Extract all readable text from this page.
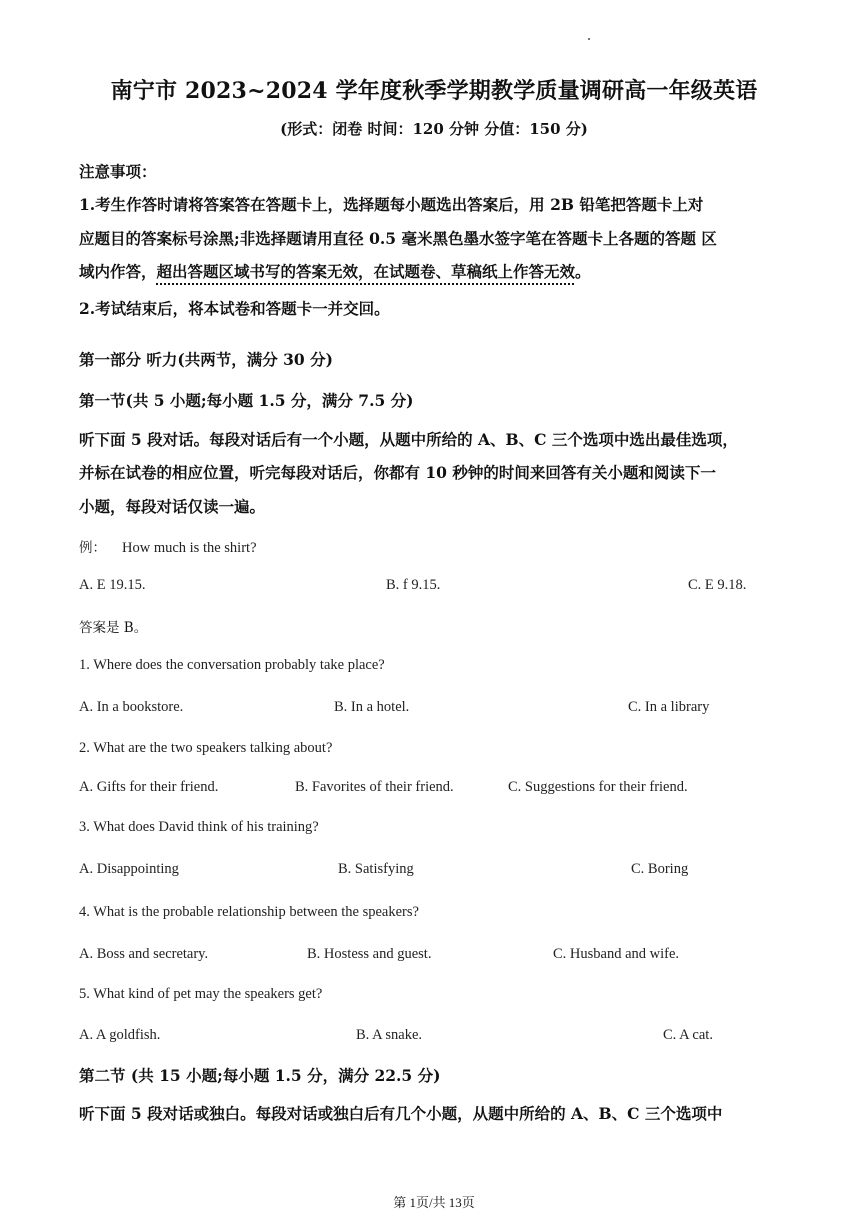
南宁市 2023~2024 学年度秋季学期教学质量调研高一年级英语
(形式：闭卷 时间：120 分钟 分值：150 分)
注意事项：
1.考生作答时请将答案答在答题卡上，选择题每小题选出答案后，用 2B 铅笔把答题卡上对
应题目的答案标号涂黑;非选择题请用直径 0.5 毫米黑色墨水签字笔在答题卡上各题的答题 区
域内作答，超出答题区域书写的答案无效，在试题卷、草稿纸上作答无效。
2.考试结束后，将本试卷和答题卡一并交回。
第一部分 听力(共两节，满分 30 分)
第一节(共 5 小题;每小题 1.5 分，满分 7.5 分)
听下面 5 段对话。每段对话后有一个小题，从题中所给的 A、B、C 三个选项中选出最佳选项，
并标在试卷的相应位置，听完每段对话后，你都有 10 秒钟的时间来回答有关小题和阅读下一
小题，每段对话仅读一遍。
例： How much is the shirt?
A. E 19.15.	B. f 9.15.	C. E 9.18.
答案是 B。
1. Where does the conversation probably take place?
A. In a bookstore.	B. In a hotel.	C. In a library
2. What are the two speakers talking about?
A. Gifts for their friend.	B. Favorites of their friend.	C. Suggestions for their friend.
3. What does David think of his training?
A. Disappointing	B. Satisfying	C. Boring
4. What is the probable relationship between the speakers?
A. Boss and secretary.	B. Hostess and guest.	C. Husband and wife.
5. What kind of pet may the speakers get?
A. A goldfish.	B. A snake.	C. A cat.
第二节 (共 15 小题;每小题 1.5 分，满分 22.5 分)
听下面 5 段对话或独白。每段对话或独白后有几个小题，从题中所给的 A、B、C 三个选项中
第 1页/共 13页
